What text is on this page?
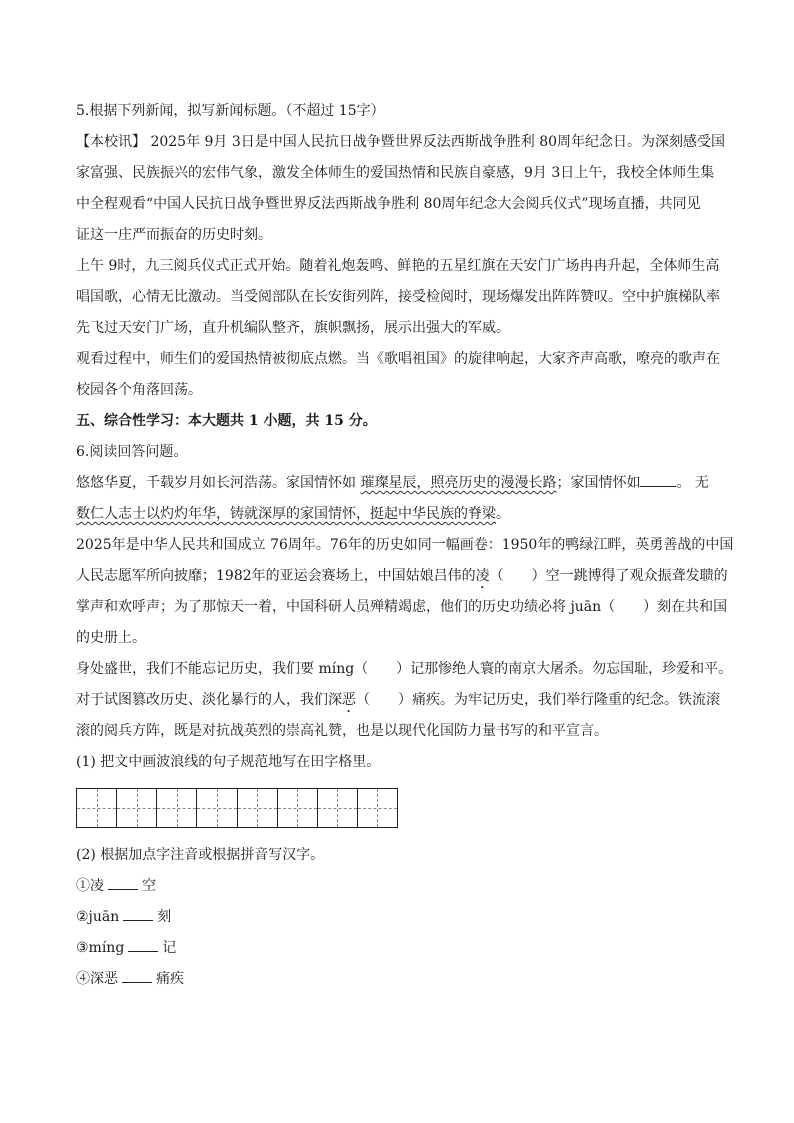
5.根据下列新闻，拟写新闻标题。（不超过 15字）

【本校讯】 2025年 9月 3日是中国人民抗日战争暨世界反法西斯战争胜利 80周年纪念日。为深刻感受国

家富强、民族振兴的宏伟气象，激发全体师生的爱国热情和民族自豪感，9月 3日上午，我校全体师生集

中全程观看“中国人民抗日战争暨世界反法西斯战争胜利 80周年纪念大会阅兵仪式”现场直播，共同见

证这一庄严而振奋的历史时刻。

上午 9时，九三阅兵仪式正式开始。随着礼炮轰鸣、鲜艳的五星红旗在天安门广场冉冉升起，全体师生高

唱国歌，心情无比激动。当受阅部队在长安街列阵，接受检阅时，现场爆发出阵阵赞叹。空中护旗梯队率

先飞过天安门广场，直升机编队整齐，旗帜飘扬，展示出强大的军威。

观看过程中，师生们的爱国热情被彻底点燃。当《歌唱祖国》的旋律响起，大家齐声高歌，嘹亮的歌声在

校园各个角落回荡。

五、综合性学习：本大题共 1 小题，共 15 分。

6.阅读回答问题。

悠悠华夏，千载岁月如长河浩荡。家国情怀如 璀璨星辰，照亮历史的漫漫长路；家国情怀如	。 无

数仁人志士以灼灼年华，铸就深厚的家国情怀，挺起中华民族的脊梁。

2025年是中华人民共和国成立 76周年。76年的历史如同一幅画卷：1950年的鸭绿江畔，英勇善战的中国

人民志愿军所向披靡；1982年的亚运会赛场上，中国姑娘吕伟的凌（　　）空一跳博得了观众振聋发聩的

掌声和欢呼声；为了那惊天一着，中国科研人员殚精竭虑，他们的历史功绩必将 juān（　　）刻在共和国

的史册上。

身处盛世，我们不能忘记历史，我们要 míng（　　）记那惨绝人寰的南京大屠杀。勿忘国耻，珍爱和平。

对于试图篡改历史、淡化暴行的人，我们深恶（　　）痛疾。为牢记历史，我们举行隆重的纪念。铁流滚

滚的阅兵方阵，既是对抗战英烈的崇高礼赞，也是以现代化国防力量书写的和平宣言。

(1) 把文中画波浪线的句子规范地写在田字格里。

(2) 根据加点字注音或根据拼音写汉字。

①凌	空

②juān	刻

③míng	记

④深恶	痛疾
